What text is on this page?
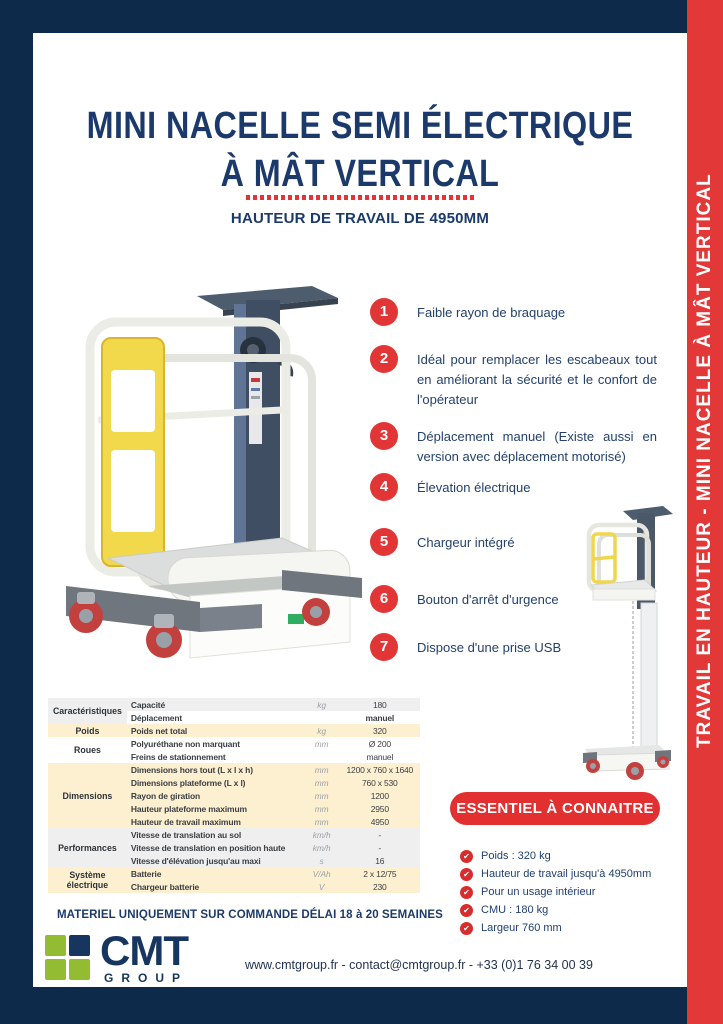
MINI NACELLE SEMI ÉLECTRIQUE
À MÂT VERTICAL
HAUTEUR DE TRAVAIL DE 4950MM
1	Faible rayon de braquage
2	Idéal pour remplacer les escabeaux tout en améliorant la sécurité et le confort de l'opérateur
3	Déplacement manuel (Existe aussi en version avec déplacement motorisé)
4	Élevation électrique
5	Chargeur intégré
6	Bouton d'arrêt d'urgence
7	Dispose d'une prise USB
Caractéristiques	Capacité	kg	180
	Déplacement		manuel
Poids	Poids net total	kg	320
Roues	Polyuréthane non marquant	mm	Ø 200
	Freins de stationnement		manuel
Dimensions	Dimensions hors tout (L x l x h)	mm	1200 x 760 x 1640
	Dimensions plateforme (L x l)	mm	760 x 530
	Rayon de giration	mm	1200
	Hauteur plateforme maximum	mm	2950
	Hauteur de travail maximum	mm	4950
Performances	Vitesse de translation au sol	km/h	-
	Vitesse de translation en position haute	km/h	-
	Vitesse d'élévation jusqu'au maxi	s	16
Système électrique	Batterie	V/Ah	2 x 12/75
	Chargeur batterie	V	230
ESSENTIEL À CONNAITRE
✔ Poids : 320 kg
✔ Hauteur de travail jusqu'à 4950mm
✔ Pour un usage intérieur
✔ CMU : 180 kg
✔ Largeur 760 mm
MATERIEL UNIQUEMENT SUR COMMANDE DÉLAI 18 à 20 SEMAINES
CMT
GROUP
www.cmtgroup.fr - contact@cmtgroup.fr - +33 (0)1 76 34 00 39
TRAVAIL EN HAUTEUR - MINI NACELLE À MÂT VERTICAL
